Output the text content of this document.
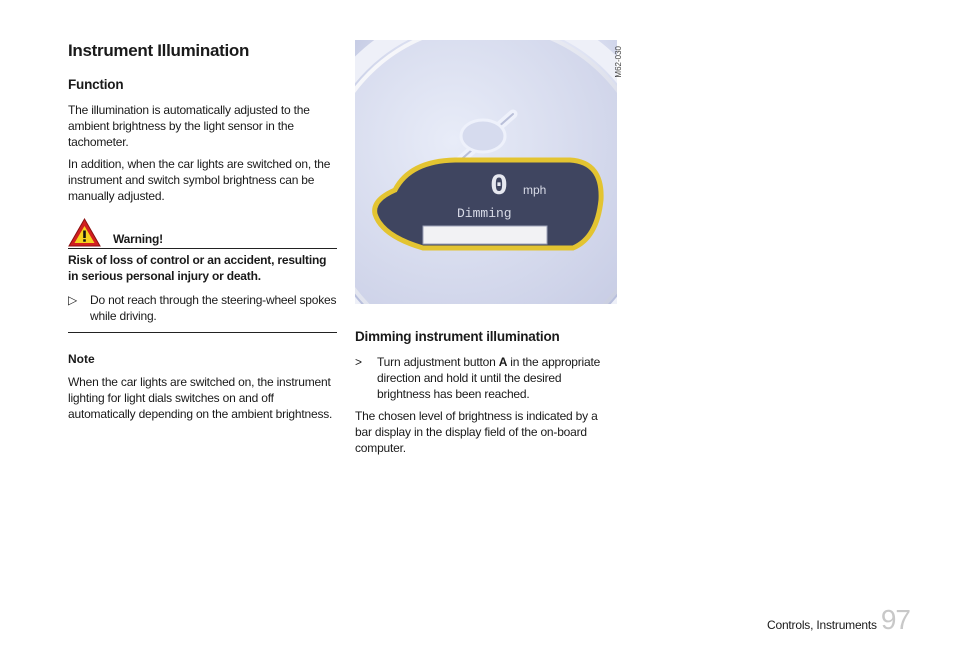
Instrument Illumination
Function

The illumination is automatically adjusted to the ambient brightness by the light sensor in the tachometer.

In addition, when the car lights are switched on, the instrument and switch symbol brightness can be manually adjusted.

Warning!

Risk of loss of control or an accident, resulting in serious personal injury or death.

▷ Do not reach through the steering-wheel spokes while driving.

Note

When the car lights are switched on, the instrument lighting for light dials switches on and off automatically depending on the ambient brightness.

0 mph
Dimming
Dimming instrument illumination
> Turn adjustment button A in the appropriate direction and hold it until the desired brightness has been reached.

The chosen level of brightness is indicated by a bar display in the display field of the on-board computer.

M62-030
Controls, Instruments 97
